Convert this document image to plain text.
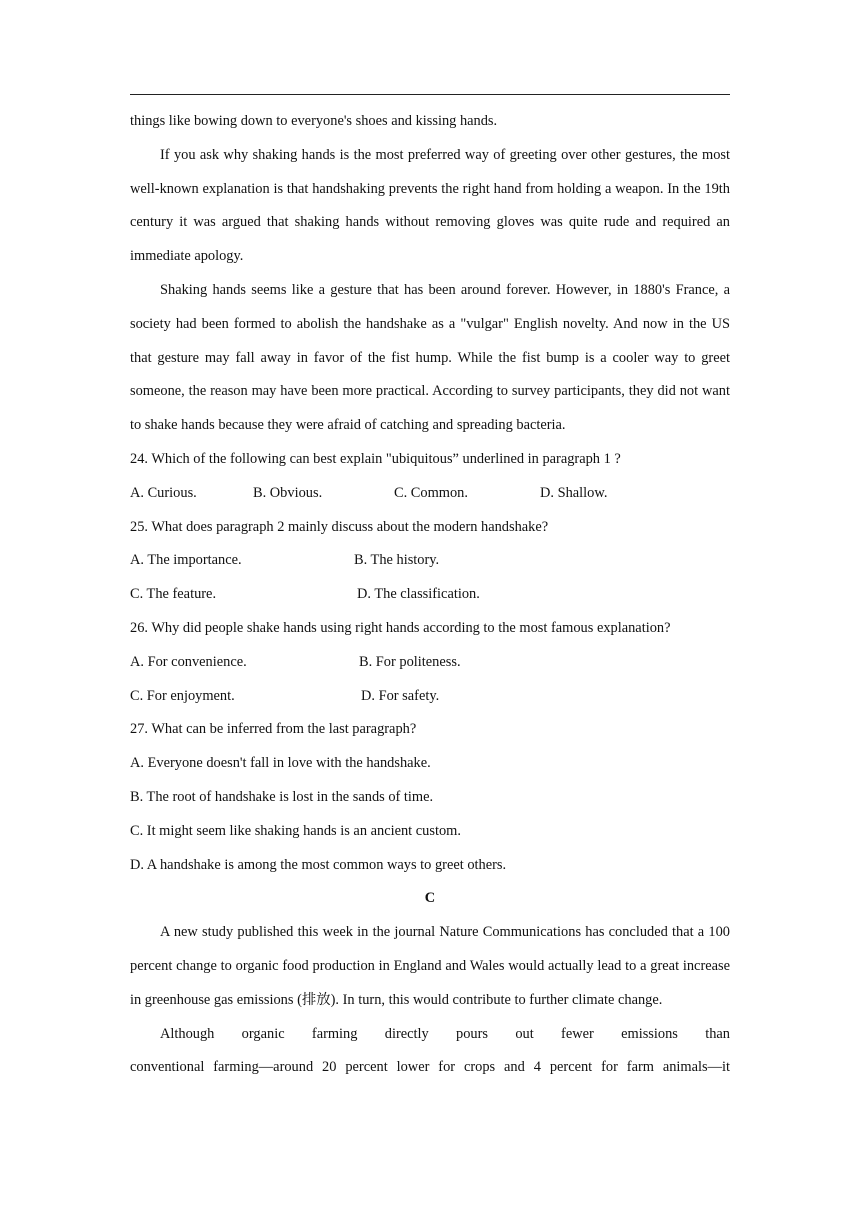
things like bowing down to everyone's shoes and kissing hands.

If you ask why shaking hands is the most preferred way of greeting over other gestures, the most well-known explanation is that handshaking prevents the right hand from holding a weapon. In the 19th century it was argued that shaking hands without removing gloves was quite rude and required an immediate apology.

Shaking hands seems like a gesture that has been around forever. However, in 1880's France, a society had been formed to abolish the handshake as a "vulgar" English novelty. And now in the US that gesture may fall away in favor of the fist hump. While the fist bump is a cooler way to greet someone, the reason may have been more practical. According to survey participants, they did not want to shake hands because they were afraid of catching and spreading bacteria.

24. Which of the following can best explain "ubiquitous” underlined in paragraph 1 ?

A. Curious.	B. Obvious.	C. Common.	D. Shallow.

25. What does paragraph 2 mainly discuss about the modern handshake?

A. The importance.	B. The history.
C. The feature.	D. The classification.

26. Why did people shake hands using right hands according to the most famous explanation?

A. For convenience.	B. For politeness.
C. For enjoyment.	D. For safety.

27. What can be inferred from the last paragraph?

A. Everyone doesn't fall in love with the handshake.

B. The root of handshake is lost in the sands of time.

C. It might seem like shaking hands is an ancient custom.

D. A handshake is among the most common ways to greet others.

C

A new study published this week in the journal Nature Communications has concluded that a 100 percent change to organic food production in England and Wales would actually lead to a great increase in greenhouse gas emissions (排放). In turn, this would contribute to further climate change.

Although organic farming directly pours out fewer emissions than

conventional farming—around 20 percent lower for crops and 4 percent for farm animals—it
